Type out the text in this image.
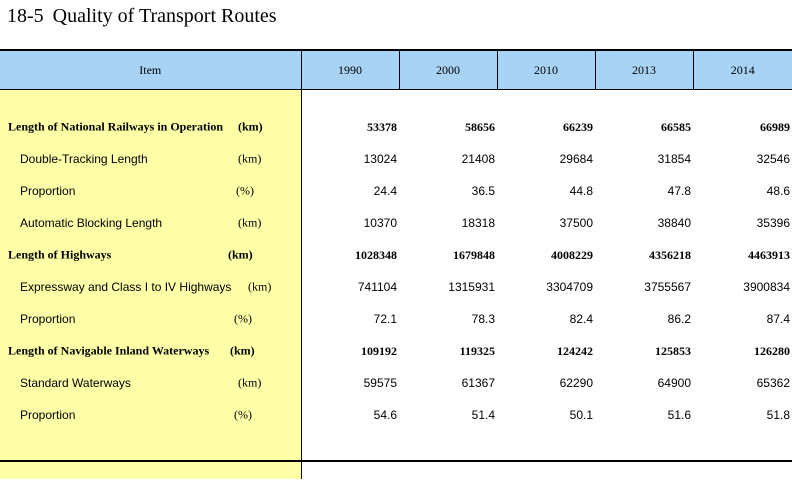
18-5 Quality of Transport Routes
Item	1990	2000	2010	2013	2014

Length of National Railways in Operation (km)	53378	58656	66239	66585	66989

Double-Tracking Length (km)	13024	21408	29684	31854	32546

Proportion (%)	24.4	36.5	44.8	47.8	48.6

Automatic Blocking Length (km)	10370	18318	37500	38840	35396

Length of Highways (km)	1028348	1679848	4008229	4356218	4463913

Expressway and Class I to IV Highways (km)	741104	1315931	3304709	3755567	3900834

Proportion (%)	72.1	78.3	82.4	86.2	87.4

Length of Navigable Inland Waterways (km)	109192	119325	124242	125853	126280

Standard Waterways (km)	59575	61367	62290	64900	65362

Proportion (%)	54.6	51.4	50.1	51.6	51.8
